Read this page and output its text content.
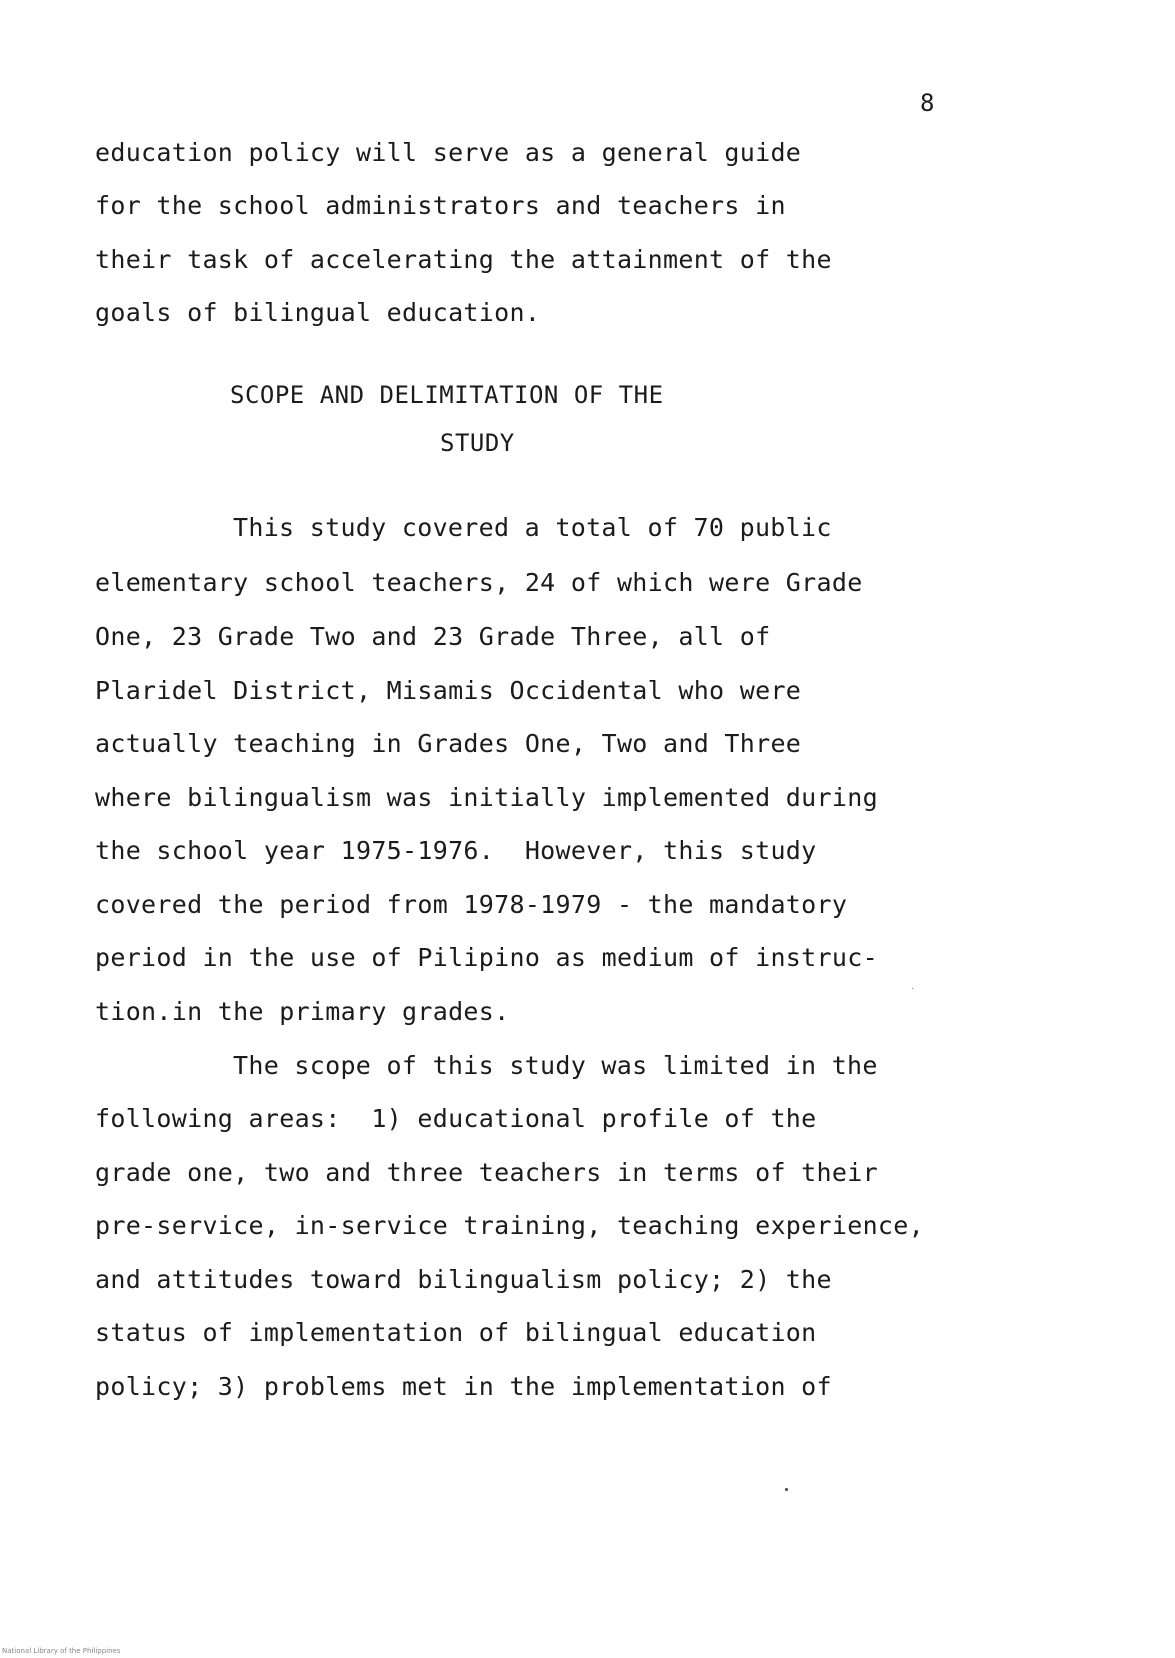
8
education policy will serve as a general guide
for the school administrators and teachers in
their task of accelerating the attainment of the
goals of bilingual education.
SCOPE AND DELIMITATION OF THE
STUDY
This study covered a total of 70 public
elementary school teachers, 24 of which were Grade
One, 23 Grade Two and 23 Grade Three, all of
Plaridel District, Misamis Occidental who were
actually teaching in Grades One, Two and Three
where bilingualism was initially implemented during
the school year 1975-1976.  However, this study
covered the period from 1978-1979 - the mandatory
period in the use of Pilipino as medium of instruc-
tion.in the primary grades.
The scope of this study was limited in the
following areas:  1) educational profile of the
grade one, two and three teachers in terms of their
pre-service, in-service training, teaching experience,
and attitudes toward bilingualism policy; 2) the
status of implementation of bilingual education
policy; 3) problems met in the implementation of
National Library of the Philippines
